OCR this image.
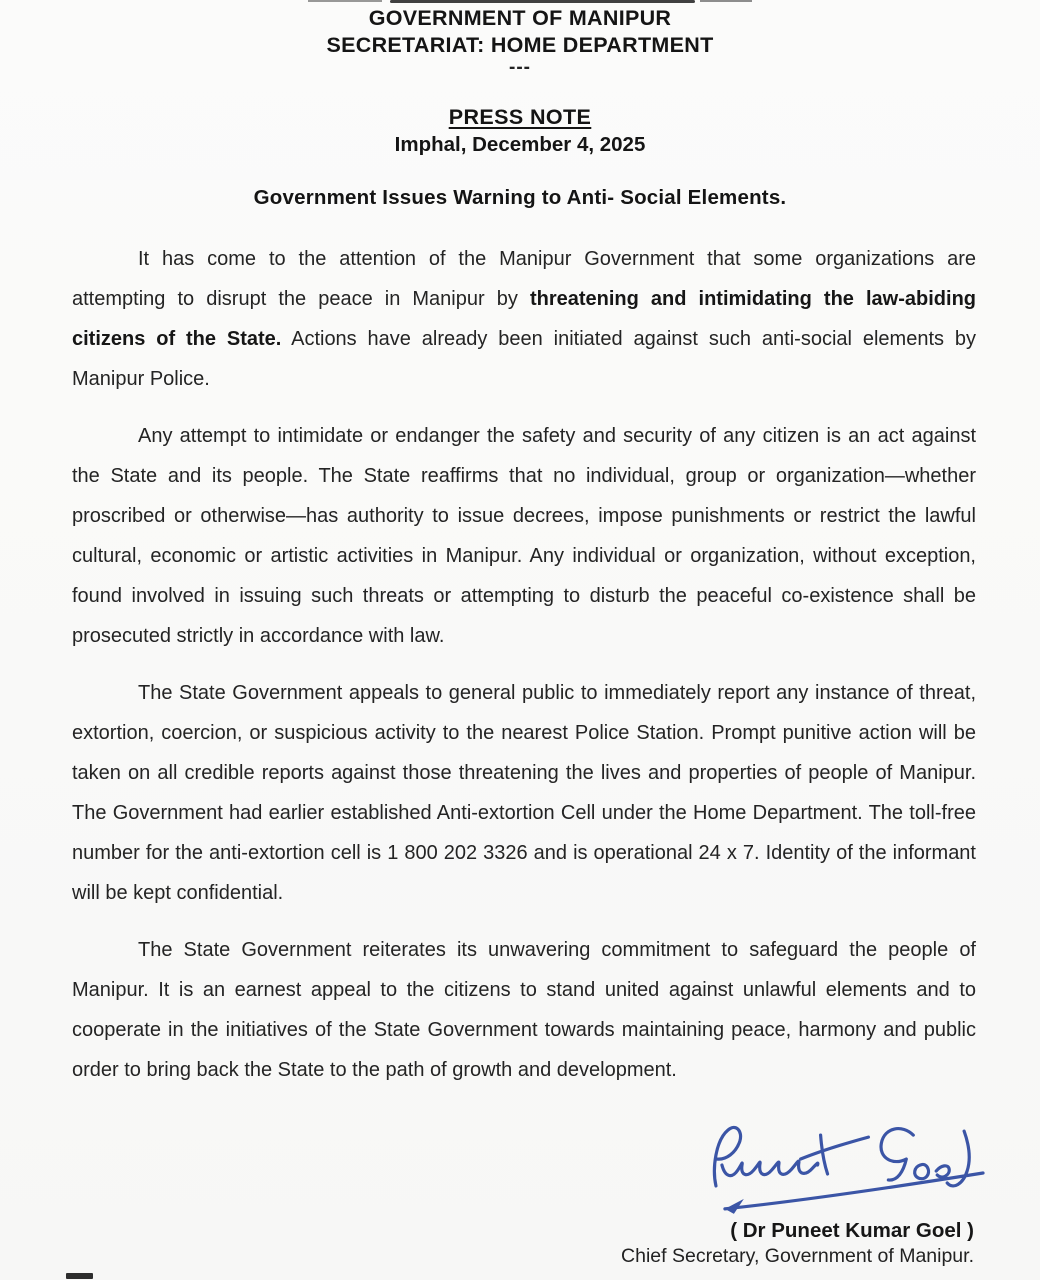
GOVERNMENT OF MANIPUR
SECRETARIAT: HOME DEPARTMENT
---
PRESS NOTE
Imphal, December 4, 2025
Government Issues Warning to Anti- Social Elements.

It has come to the attention of the Manipur Government that some organizations are attempting to disrupt the peace in Manipur by threatening and intimidating the law-abiding citizens of the State. Actions have already been initiated against such anti-social elements by Manipur Police.

Any attempt to intimidate or endanger the safety and security of any citizen is an act against the State and its people. The State reaffirms that no individual, group or organization—whether proscribed or otherwise—has authority to issue decrees, impose punishments or restrict the lawful cultural, economic or artistic activities in Manipur. Any individual or organization, without exception, found involved in issuing such threats or attempting to disturb the peaceful co-existence shall be prosecuted strictly in accordance with law.

The State Government appeals to general public to immediately report any instance of threat, extortion, coercion, or suspicious activity to the nearest Police Station. Prompt punitive action will be taken on all credible reports against those threatening the lives and properties of people of Manipur. The Government had earlier established Anti-extortion Cell under the Home Department. The toll-free number for the anti-extortion cell is 1 800 202 3326 and is operational 24 x 7. Identity of the informant will be kept confidential.

The State Government reiterates its unwavering commitment to safeguard the people of Manipur. It is an earnest appeal to the citizens to stand united against unlawful elements and to cooperate in the initiatives of the State Government towards maintaining peace, harmony and public order to bring back the State to the path of growth and development.

( Dr Puneet Kumar Goel )
Chief Secretary, Government of Manipur.
